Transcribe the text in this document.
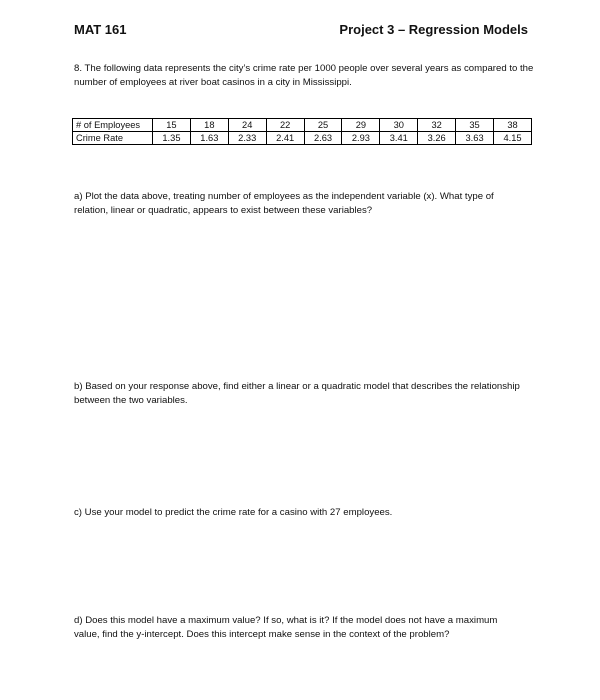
MAT 161	Project 3 – Regression Models
8. The following data represents the city’s crime rate per 1000 people over several years as compared to the number of employees at river boat casinos in a city in Mississippi.
# of Employees	15	18	24	22	25	29	30	32	35	38
Crime Rate	1.35	1.63	2.33	2.41	2.63	2.93	3.41	3.26	3.63	4.15
a) Plot the data above, treating number of employees as the independent variable (x). What type of relation, linear or quadratic, appears to exist between these variables?
b) Based on your response above, find either a linear or a quadratic model that describes the relationship between the two variables.
c) Use your model to predict the crime rate for a casino with 27 employees.
d) Does this model have a maximum value? If so, what is it? If the model does not have a maximum value, find the y-intercept. Does this intercept make sense in the context of the problem?
